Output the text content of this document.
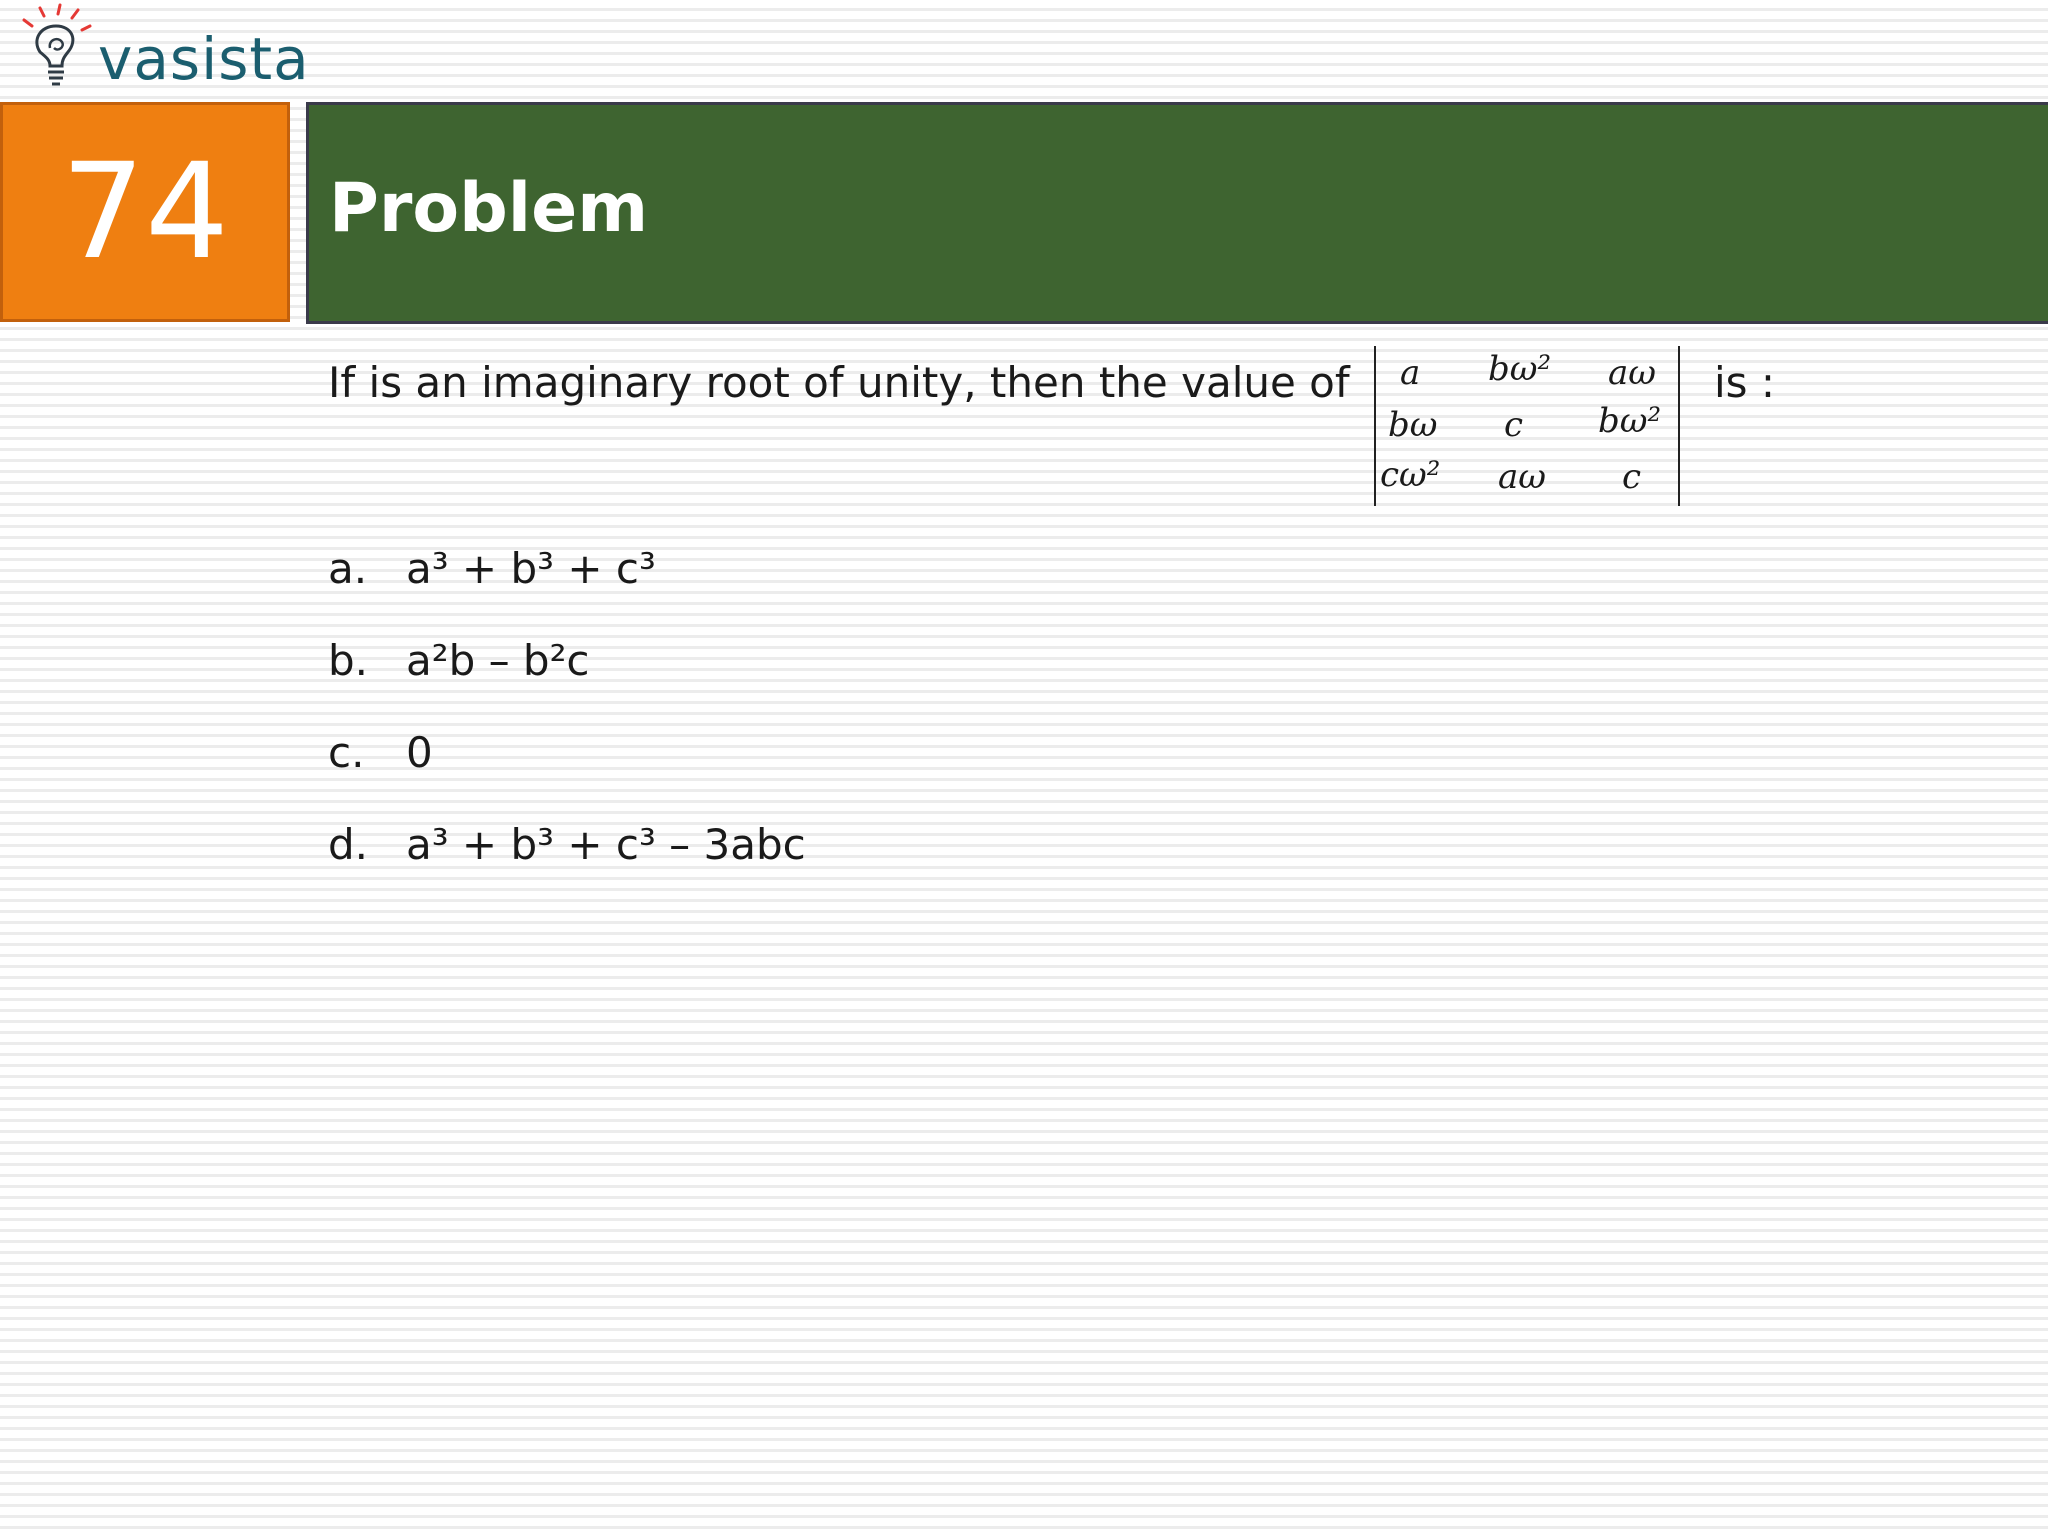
vasista
74 Problem
If is an imaginary root of unity, then the value of a bω² aω
bω c bω²
cω² aω c
is :
a. a³ + b³ + c³
b. a²b – b²c
c. 0
d. a³ + b³ + c³ – 3abc
